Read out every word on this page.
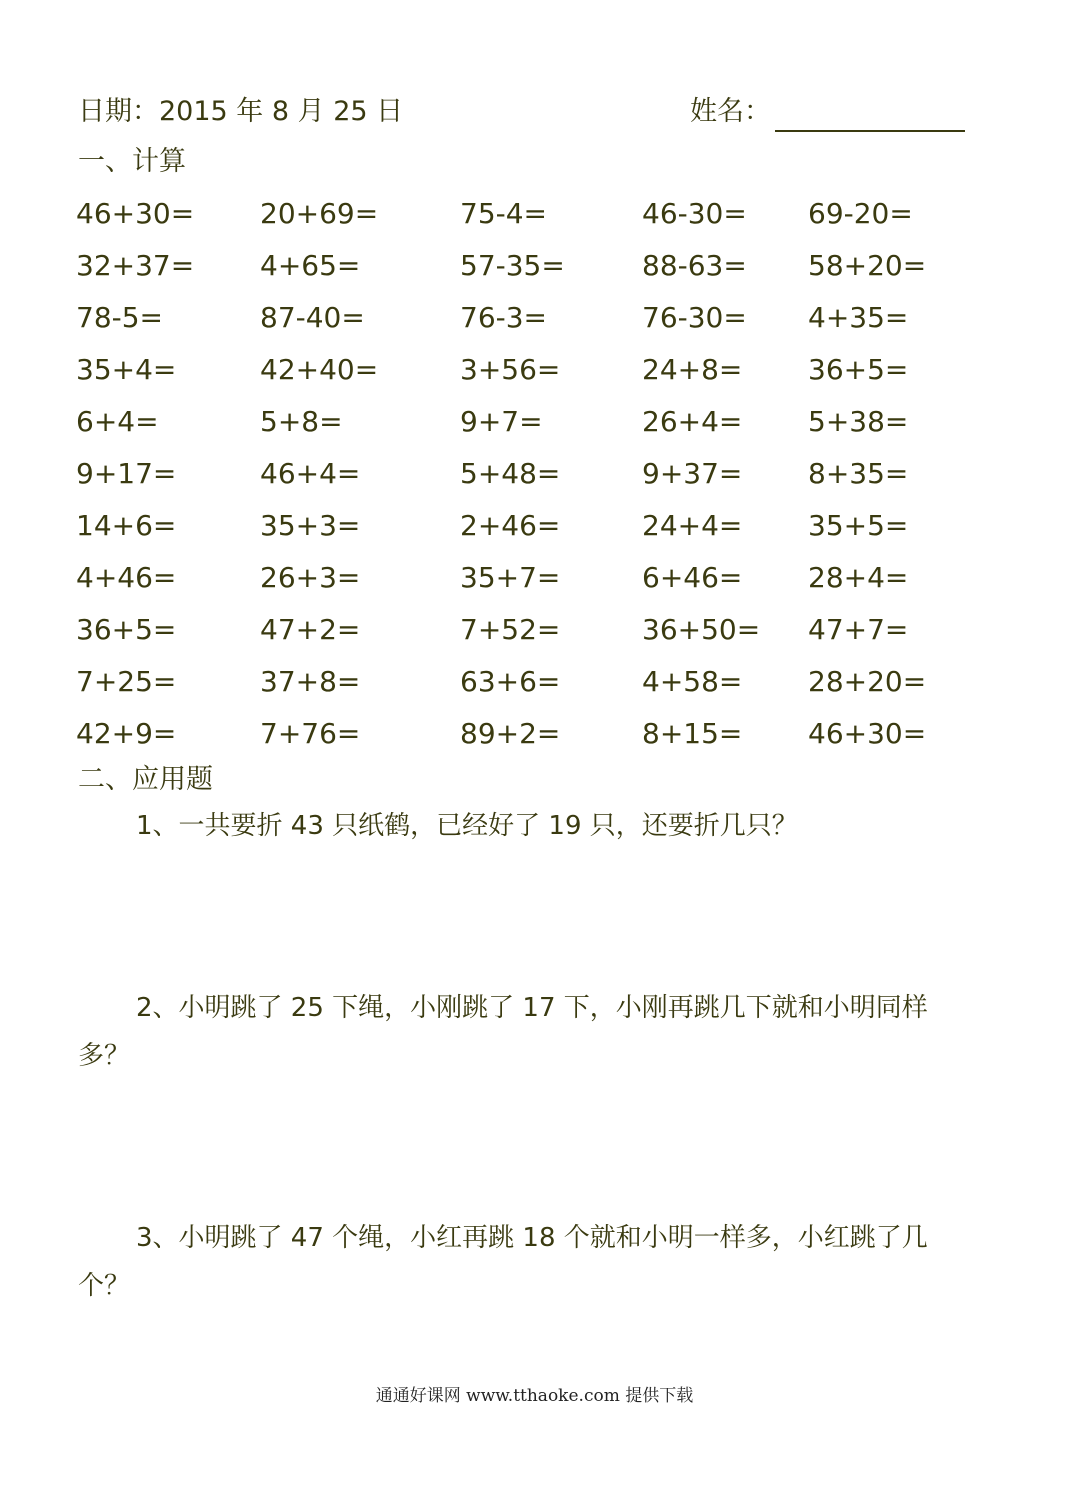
日期：2015 年 8 月 25 日	姓名：
一、计算
46+30= 20+69=	75-4=	46-30= 69-20=
32+37= 4+65=	57-35=	88-63= 58+20=
78-5=	87-40=	76-3=	76-30= 4+35=
35+4=	42+40=	3+56=	24+8= 36+5=
6+4=	5+8=	9+7=	26+4= 5+38=
9+17=	46+4=	5+48=	9+37= 8+35=
14+6=	35+3=	2+46=	24+4= 35+5=
4+46=	26+3=	35+7=	6+46= 28+4=
36+5=	47+2=	7+52=	36+50= 47+7=
7+25=	37+8=	63+6=	4+58= 28+20=
42+9=	7+76=	89+2=	8+15= 46+30=
二、应用题
1、一共要折 43 只纸鹤，已经好了 19 只，还要折几只？
2、小明跳了 25 下绳，小刚跳了 17 下，小刚再跳几下就和小明同样
多？
3、小明跳了 47 个绳，小红再跳 18 个就和小明一样多，小红跳了几
个？
通通好课网 www.tthaoke.com 提供下载
